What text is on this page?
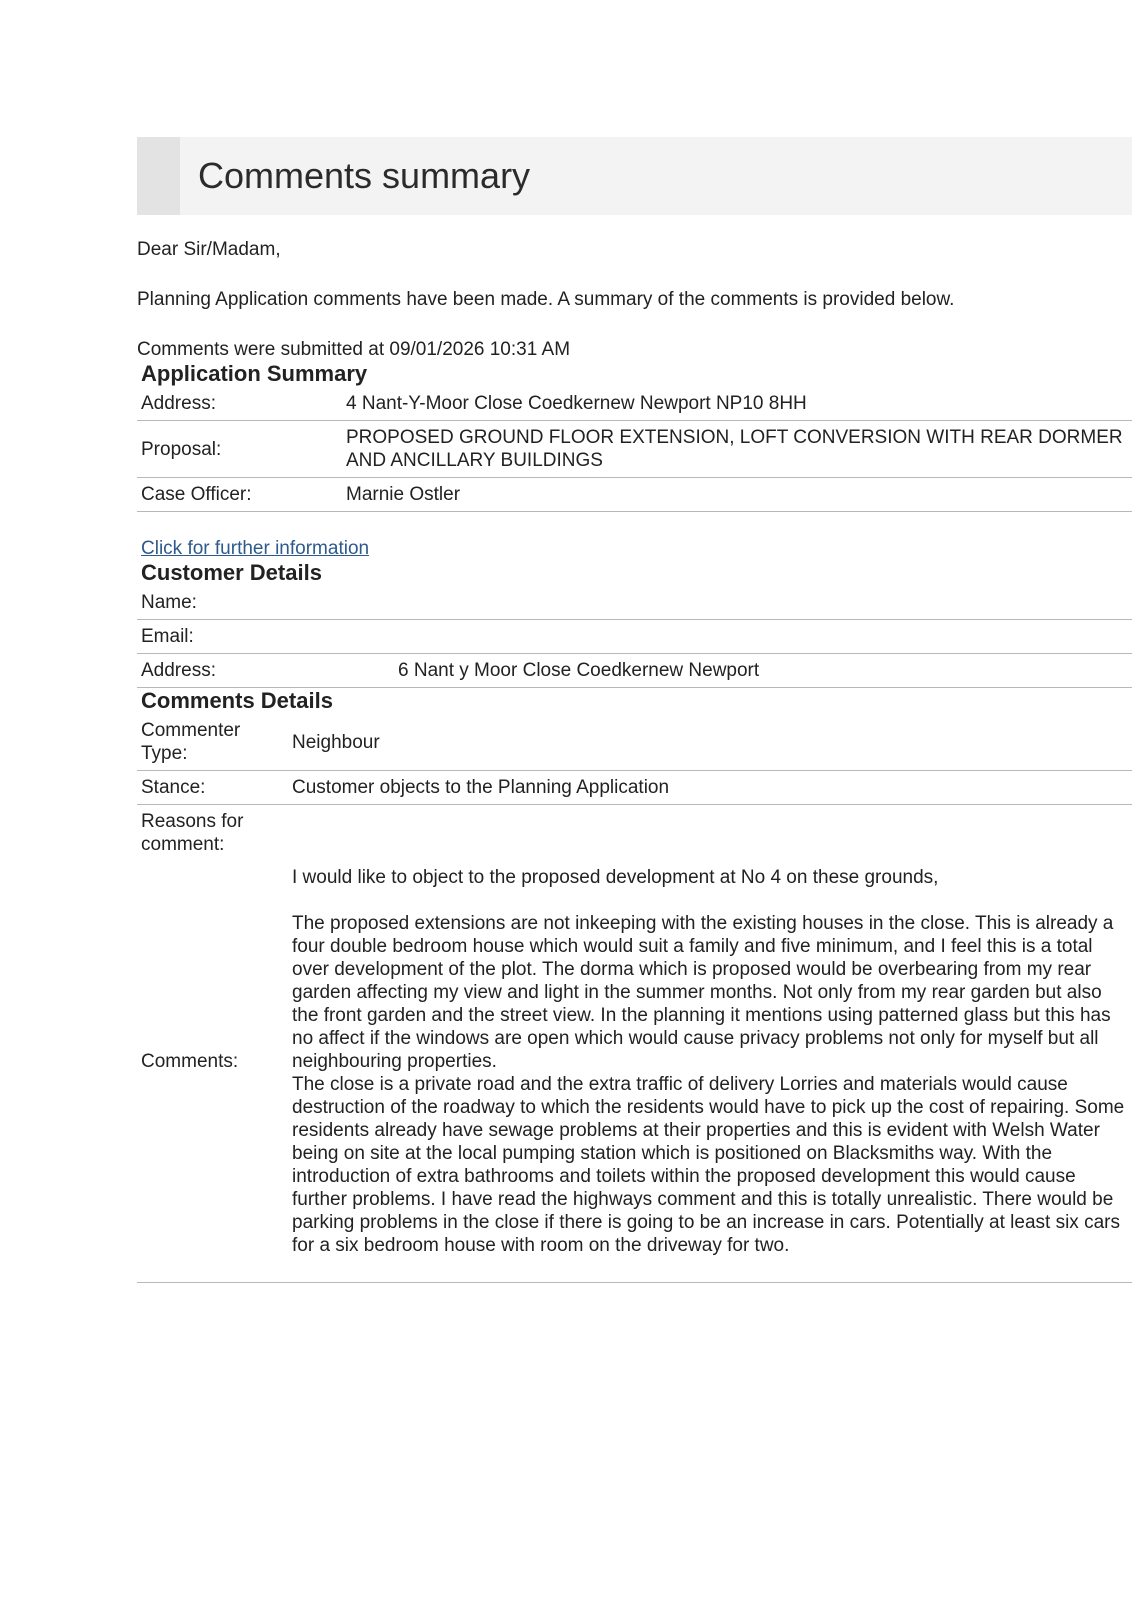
Comments summary

Dear Sir/Madam,

Planning Application comments have been made. A summary of the comments is provided below.

Comments were submitted at 09/01/2026 10:31 AM

Application Summary
Address:	4 Nant-Y-Moor Close Coedkernew Newport NP10 8HH
Proposal:	PROPOSED GROUND FLOOR EXTENSION, LOFT CONVERSION WITH REAR DORMER AND ANCILLARY BUILDINGS
Case Officer:	Marnie Ostler
Click for further information
Customer Details
Name:	
Email:	
Address:	6 Nant y Moor Close Coedkernew Newport
Comments Details
Commenter Type:	Neighbour
Stance:	Customer objects to the Planning Application
Reasons for comment:	
Comments:	I would like to object to the proposed development at No 4 on these grounds,

The proposed extensions are not inkeeping with the existing houses in the close. This is already a four double bedroom house which would suit a family and five minimum, and I feel this is a total over development of the plot. The dorma which is proposed would be overbearing from my rear garden affecting my view and light in the summer months. Not only from my rear garden but also the front garden and the street view. In the planning it mentions using patterned glass but this has no affect if the windows are open which would cause privacy problems not only for myself but all neighbouring properties.
The close is a private road and the extra traffic of delivery Lorries and materials would cause destruction of the roadway to which the residents would have to pick up the cost of repairing. Some residents already have sewage problems at their properties and this is evident with Welsh Water being on site at the local pumping station which is positioned on Blacksmiths way. With the introduction of extra bathrooms and toilets within the proposed development this would cause further problems. I have read the highways comment and this is totally unrealistic. There would be parking problems in the close if there is going to be an increase in cars. Potentially at least six cars for a six bedroom house with room on the driveway for two.
